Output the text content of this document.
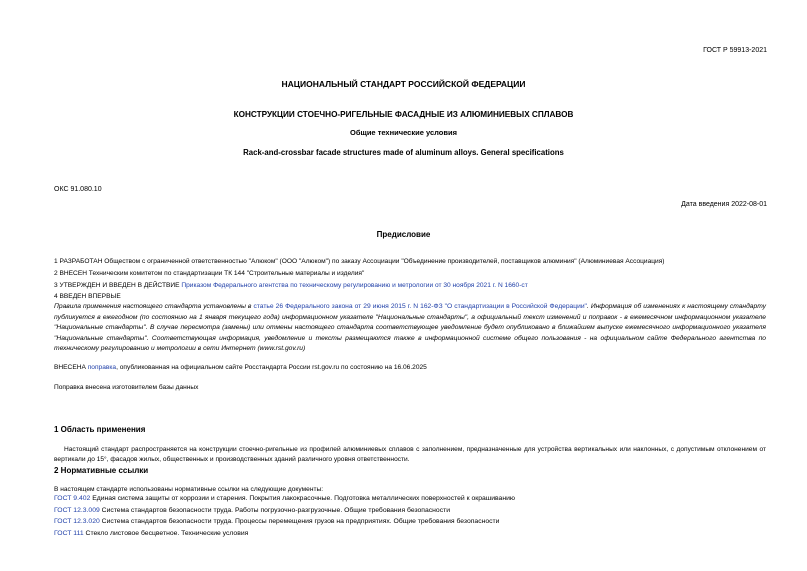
ГОСТ Р 59913-2021
НАЦИОНАЛЬНЫЙ СТАНДАРТ РОССИЙСКОЙ ФЕДЕРАЦИИ
КОНСТРУКЦИИ СТОЕЧНО-РИГЕЛЬНЫЕ ФАСАДНЫЕ ИЗ АЛЮМИНИЕВЫХ СПЛАВОВ
Общие технические условия
Rack-and-crossbar facade structures made of aluminum alloys. General specifications
ОКС 91.080.10
Дата введения 2022-08-01
Предисловие
1 РАЗРАБОТАН Обществом с ограниченной ответственностью "Алюком" (ООО "Алюком") по заказу Ассоциации "Объединение производителей, поставщиков алюминия" (Алюминиевая Ассоциация)
2 ВНЕСЕН Техническим комитетом по стандартизации ТК 144 "Строительные материалы и изделия"
3 УТВЕРЖДЕН И ВВЕДЕН В ДЕЙСТВИЕ Приказом Федерального агентства по техническому регулированию и метрологии от 30 ноября 2021 г. N 1660-ст
4 ВВЕДЕН ВПЕРВЫЕ
Правила применения настоящего стандарта установлены в статье 26 Федерального закона от 29 июня 2015 г. N 162-ФЗ "О стандартизации в Российской Федерации". Информация об изменениях к настоящему стандарту публикуется в ежегодном (по состоянию на 1 января текущего года) информационном указателе "Национальные стандарты", а официальный текст изменений и поправок - в ежемесячном информационном указателе "Национальные стандарты". В случае пересмотра (замены) или отмены настоящего стандарта соответствующее уведомление будет опубликовано в ближайшем выпуске ежемесячного информационного указателя "Национальные стандарты". Соответствующая информация, уведомление и тексты размещаются также в информационной системе общего пользования - на официальном сайте Федерального агентства по техническому регулированию и метрологии в сети Интернет (www.rst.gov.ru)
ВНЕСЕНА поправка, опубликованная на официальном сайте Росстандарта России rst.gov.ru по состоянию на 16.06.2025
Поправка внесена изготовителем базы данных
1 Область применения
Настоящий стандарт распространяется на конструкции стоечно-ригельные из профилей алюминиевых сплавов с заполнением, предназначенные для устройства вертикальных или наклонных, с допустимым отклонением от вертикали до 15°, фасадов жилых, общественных и производственных зданий различного уровня ответственности.
2 Нормативные ссылки
В настоящем стандарте использованы нормативные ссылки на следующие документы:
ГОСТ 9.402 Единая система защиты от коррозии и старения. Покрытия лакокрасочные. Подготовка металлических поверхностей к окрашиванию
ГОСТ 12.3.009 Система стандартов безопасности труда. Работы погрузочно-разгрузочные. Общие требования безопасности
ГОСТ 12.3.020 Система стандартов безопасности труда. Процессы перемещения грузов на предприятиях. Общие требования безопасности
ГОСТ 111 Стекло листовое бесцветное. Технические условия
